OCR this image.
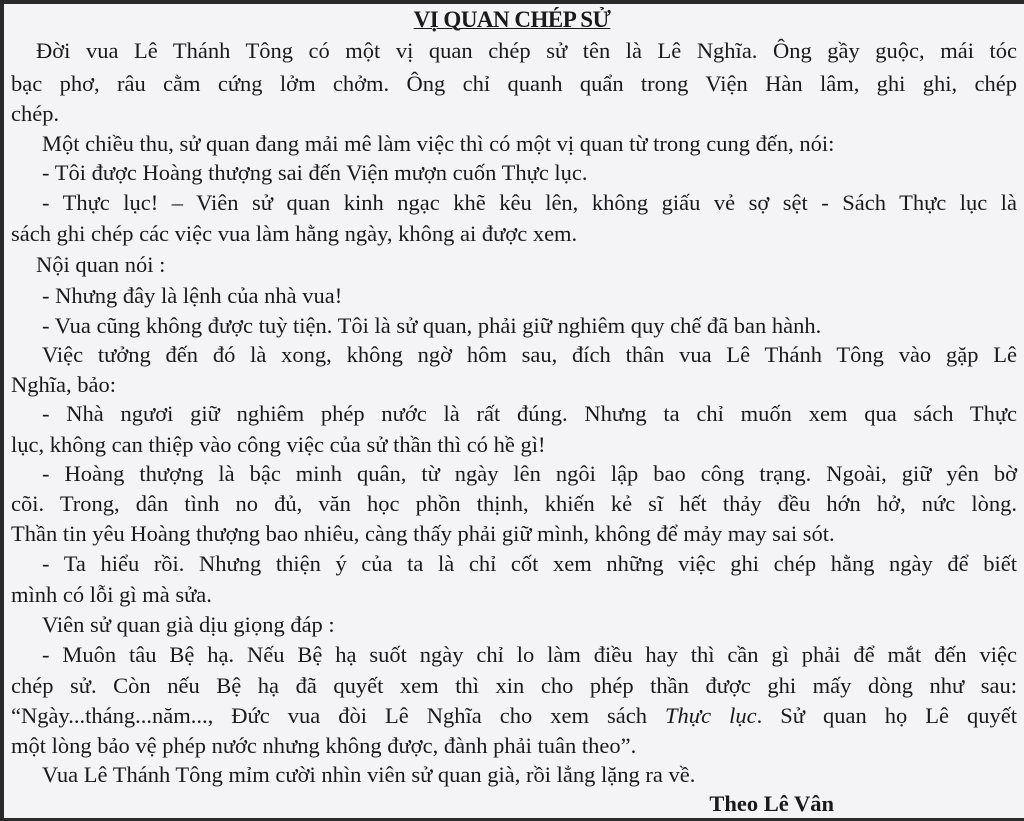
VỊ QUAN CHÉP SỬ
Đời vua Lê Thánh Tông có một vị quan chép sử tên là Lê Nghĩa. Ông gầy guộc, mái tóc
bạc phơ, râu cằm cứng lởm chởm. Ông chỉ quanh quẩn trong Viện Hàn lâm, ghi ghi, chép
chép.
Một chiều thu, sử quan đang mải mê làm việc thì có một vị quan từ trong cung đến, nói:
- Tôi được Hoàng thượng sai đến Viện mượn cuốn Thực lục.
- Thực lục! – Viên sử quan kinh ngạc khẽ kêu lên, không giấu vẻ sợ sệt - Sách Thực lục là
sách ghi chép các việc vua làm hằng ngày, không ai được xem.
Nội quan nói :
- Nhưng đây là lệnh của nhà vua!
- Vua cũng không được tuỳ tiện. Tôi là sử quan, phải giữ nghiêm quy chế đã ban hành.
Việc tưởng đến đó là xong, không ngờ hôm sau, đích thân vua Lê Thánh Tông vào gặp Lê
Nghĩa, bảo:
- Nhà ngươi giữ nghiêm phép nước là rất đúng. Nhưng ta chỉ muốn xem qua sách Thực
lục, không can thiệp vào công việc của sử thần thì có hề gì!
- Hoàng thượng là bậc minh quân, từ ngày lên ngôi lập bao công trạng. Ngoài, giữ yên bờ
cõi. Trong, dân tình no đủ, văn học phồn thịnh, khiến kẻ sĩ hết thảy đều hớn hở, nức lòng.
Thần tin yêu Hoàng thượng bao nhiêu, càng thấy phải giữ mình, không để mảy may sai sót.
- Ta hiểu rồi. Nhưng thiện ý của ta là chỉ cốt xem những việc ghi chép hằng ngày để biết
mình có lỗi gì mà sửa.
Viên sử quan già dịu giọng đáp :
- Muôn tâu Bệ hạ. Nếu Bệ hạ suốt ngày chỉ lo làm điều hay thì cần gì phải để mắt đến việc
chép sử. Còn nếu Bệ hạ đã quyết xem thì xin cho phép thần được ghi mấy dòng như sau:
“Ngày...tháng...năm..., Đức vua đòi Lê Nghĩa cho xem sách Thực lục. Sử quan họ Lê quyết
một lòng bảo vệ phép nước nhưng không được, đành phải tuân theo”.
Vua Lê Thánh Tông mỉm cười nhìn viên sử quan già, rồi lẳng lặng ra về.
Theo Lê Vân
